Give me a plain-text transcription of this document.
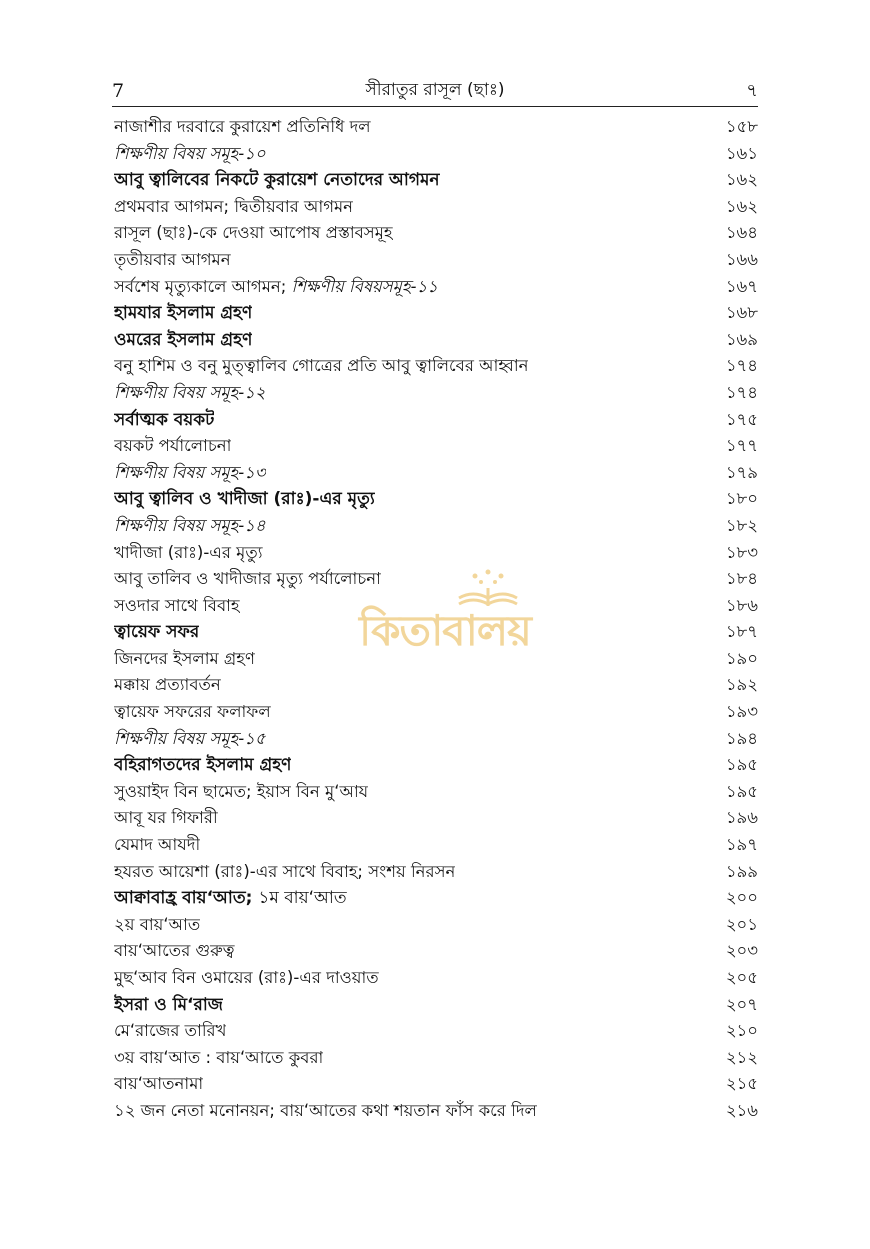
7	সীরাতুর রাসূল (ছাঃ)	৭
নাজাশীর দরবারে কুরায়েশ প্রতিনিধি দল	১৫৮
শিক্ষণীয় বিষয় সমূহ-১০	১৬১
আবু ত্বালিবের নিকটে কুরায়েশ নেতাদের আগমন	১৬২
প্রথমবার আগমন; দ্বিতীয়বার আগমন	১৬২
রাসূল (ছাঃ)-কে দেওয়া আপোষ প্রস্তাবসমূহ	১৬৪
তৃতীয়বার আগমন	১৬৬
সর্বশেষ মৃত্যুকালে আগমন; শিক্ষণীয় বিষয়সমূহ-১১	১৬৭
হামযার ইসলাম গ্রহণ	১৬৮
ওমরের ইসলাম গ্রহণ	১৬৯
বনু হাশিম ও বনু মুত্ত্বালিব গোত্রের প্রতি আবু ত্বালিবের আহ্বান	১৭৪
শিক্ষণীয় বিষয় সমূহ-১২	১৭৪
সর্বাত্মক বয়কট	১৭৫
বয়কট পর্যালোচনা	১৭৭
শিক্ষণীয় বিষয় সমূহ-১৩	১৭৯
আবু ত্বালিব ও খাদীজা (রাঃ)-এর মৃত্যু	১৮০
শিক্ষণীয় বিষয় সমূহ-১৪	১৮২
খাদীজা (রাঃ)-এর মৃত্যু	১৮৩
আবু তালিব ও খাদীজার মৃত্যু পর্যালোচনা	১৮৪
সওদার সাথে বিবাহ	১৮৬
ত্বায়েফ সফর	১৮৭
জিনদের ইসলাম গ্রহণ	১৯০
মক্কায় প্রত্যাবর্তন	১৯২
ত্বায়েফ সফরের ফলাফল	১৯৩
শিক্ষণীয় বিষয় সমূহ-১৫	১৯৪
বহিরাগতদের ইসলাম গ্রহণ	১৯৫
সুওয়াইদ বিন ছামেত; ইয়াস বিন মু‘আয	১৯৫
আবূ যর গিফারী	১৯৬
যেমাদ আযদী	১৯৭
হযরত আয়েশা (রাঃ)-এর সাথে বিবাহ; সংশয় নিরসন	১৯৯
আক্বাবাহ্র বায়‘আত; ১ম বায়‘আত	২০০
২য় বায়‘আত	২০১
বায়‘আতের গুরুত্ব	২০৩
মুছ‘আব বিন ওমায়ের (রাঃ)-এর দাওয়াত	২০৫
ইসরা ও মি‘রাজ	২০৭
মে‘রাজের তারিখ	২১০
৩য় বায়‘আত : বায়‘আতে কুবরা	২১২
বায়‘আতনামা	২১৫
১২ জন নেতা মনোনয়ন; বায়‘আতের কথা শয়তান ফাঁস করে দিল	২১৬
কিতাবালয়
